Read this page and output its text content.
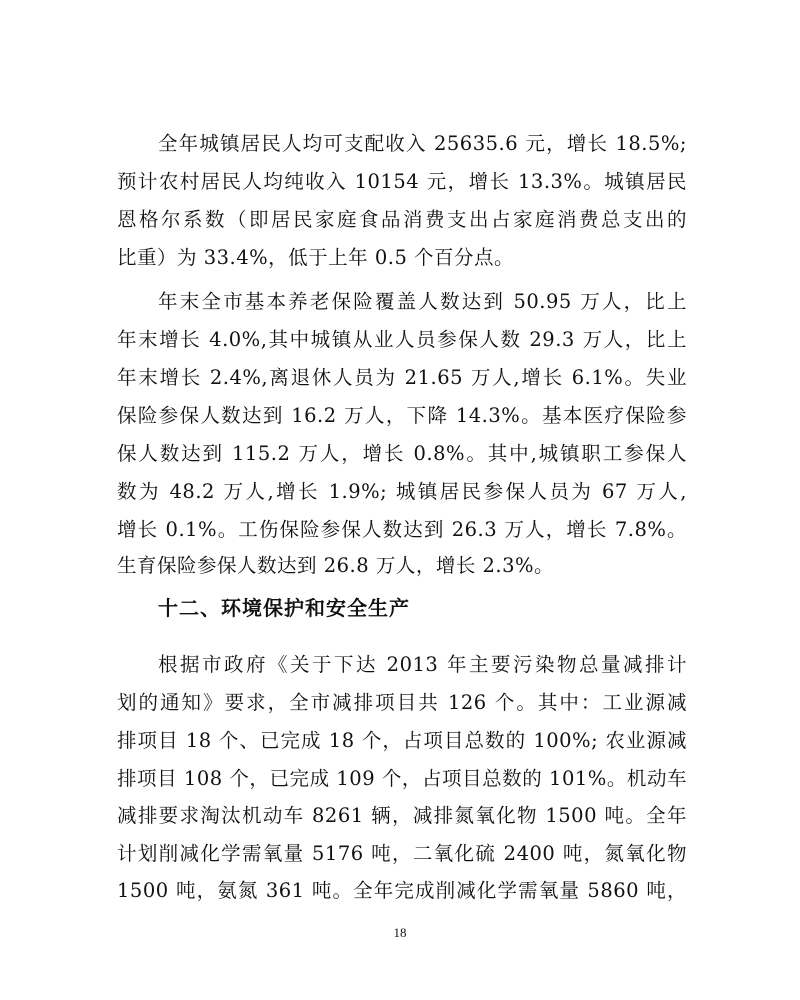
全年城镇居民人均可支配收入 25635.6 元，增长 18.5%;
预计农村居民人均纯收入 10154 元，增长 13.3%。城镇居民
恩格尔系数（即居民家庭食品消费支出占家庭消费总支出的
比重）为 33.4%，低于上年 0.5 个百分点。
年末全市基本养老保险覆盖人数达到 50.95 万人，比上
年末增长 4.0%,其中城镇从业人员参保人数 29.3 万人，比上
年末增长 2.4%,离退休人员为 21.65 万人,增长 6.1%。失业
保险参保人数达到 16.2 万人，下降 14.3%。基本医疗保险参
保人数达到 115.2 万人，增长 0.8%。其中,城镇职工参保人
数为 48.2 万人,增长 1.9%; 城镇居民参保人员为 67 万人,
增长 0.1%。工伤保险参保人数达到 26.3 万人，增长 7.8%。
生育保险参保人数达到 26.8 万人，增长 2.3%。
十二、环境保护和安全生产
根据市政府《关于下达 2013 年主要污染物总量减排计
划的通知》要求，全市减排项目共 126 个。其中：工业源减
排项目 18 个、已完成 18 个，占项目总数的 100%; 农业源减
排项目 108 个，已完成 109 个，占项目总数的 101%。机动车
减排要求淘汰机动车 8261 辆，减排氮氧化物 1500 吨。全年
计划削减化学需氧量 5176 吨，二氧化硫 2400 吨，氮氧化物
1500 吨，氨氮 361 吨。全年完成削减化学需氧量 5860 吨，
18
